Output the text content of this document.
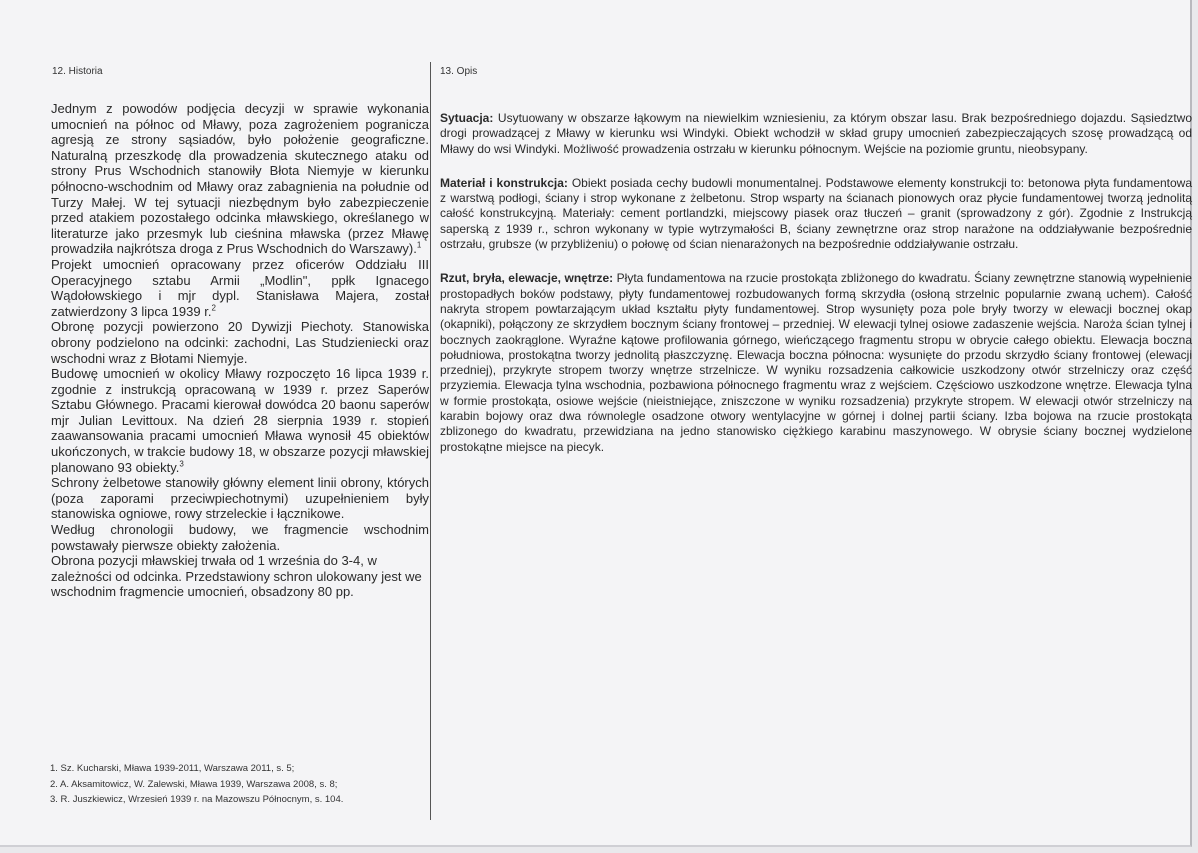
12. Historia	13. Opis

Jednym z powodów podjęcia decyzji w sprawie wykonania umocnień na północ od Mławy, poza zagrożeniem pogranicza agresją ze strony sąsiadów, było położenie geograficzne. Naturalną przeszkodę dla prowadzenia skutecznego ataku od strony Prus Wschodnich stanowiły Błota Niemyje w kierunku północno-wschodnim od Mławy oraz zabagnienia na południe od Turzy Małej. W tej sytuacji niezbędnym było zabezpieczenie przed atakiem pozostałego odcinka mławskiego, określanego w literaturze jako przesmyk lub cieśnina mławska (przez Mławę prowadziła najkrótsza droga z Prus Wschodnich do Warszawy).$^1$

Projekt umocnień opracowany przez oficerów Oddziału III Operacyjnego sztabu Armii „Modlin", ppłk Ignacego Wądołowskiego i mjr dypl. Stanisława Majera, został zatwierdzony 3 lipca 1939 r.$^2$

Obronę pozycji powierzono 20 Dywizji Piechoty. Stanowiska obrony podzielono na odcinki: zachodni, Las Studzieniecki oraz wschodni wraz z Błotami Niemyje.

Budowę umocnień w okolicy Mławy rozpoczęto 16 lipca 1939 r. zgodnie z instrukcją opracowaną w 1939 r. przez Saperów Sztabu Głównego. Pracami kierował dowódca 20 baonu saperów mjr Julian Levittoux. Na dzień 28 sierpnia 1939 r. stopień zaawansowania pracami umocnień Mława wynosił 45 obiektów ukończonych, w trakcie budowy 18, w obszarze pozycji mławskiej planowano 93 obiekty.$^3$

Schrony żelbetowe stanowiły główny element linii obrony, których (poza zaporami przeciwpiechotnymi) uzupełnieniem były stanowiska ogniowe, rowy strzeleckie i łącznikowe.

Według chronologii budowy, we fragmencie wschodnim powstawały pierwsze obiekty założenia.

Obrona pozycji mławskiej trwała od 1 września do 3-4, w zależności od odcinka. Przedstawiony schron ulokowany jest we wschodnim fragmencie umocnień, obsadzony 80 pp.

Sytuacja: Usytuowany w obszarze łąkowym na niewielkim wzniesieniu, za którym obszar lasu. Brak bezpośredniego dojazdu. Sąsiedztwo drogi prowadzącej z Mławy w kierunku wsi Windyki. Obiekt wchodził w skład grupy umocnień zabezpieczających szosę prowadzącą od Mławy do wsi Windyki. Możliwość prowadzenia ostrzału w kierunku północnym. Wejście na poziomie gruntu, nieobsypany.

Materiał i konstrukcja: Obiekt posiada cechy budowli monumentalnej. Podstawowe elementy konstrukcji to: betonowa płyta fundamentowa z warstwą podłogi, ściany i strop wykonane z żelbetonu. Strop wsparty na ścianach pionowych oraz płycie fundamentowej tworzą jednolitą całość konstrukcyjną. Materiały: cement portlandzki, miejscowy piasek oraz tłuczeń – granit (sprowadzony z gór). Zgodnie z Instrukcją saperską z 1939 r., schron wykonany w typie wytrzymałości B, ściany zewnętrzne oraz strop narażone na oddziaływanie bezpośrednie ostrzału, grubsze (w przybliżeniu) o połowę od ścian nienarażonych na bezpośrednie oddziaływanie ostrzału.

Rzut, bryła, elewacje, wnętrze: Płyta fundamentowa na rzucie prostokąta zbliżonego do kwadratu. Ściany zewnętrzne stanowią wypełnienie prostopadłych boków podstawy, płyty fundamentowej rozbudowanych formą skrzydła (osłoną strzelnic popularnie zwaną uchem). Całość nakryta stropem powtarzającym układ kształtu płyty fundamentowej. Strop wysunięty poza pole bryły tworzy w elewacji bocznej okap (okapniki), połączony ze skrzydłem bocznym ściany frontowej – przedniej. W elewacji tylnej osiowe zadaszenie wejścia. Naroża ścian tylnej i bocznych zaokrąglone. Wyraźne kątowe profilowania górnego, wieńczącego fragmentu stropu w obrycie całego obiektu. Elewacja boczna południowa, prostokątna tworzy jednolitą płaszczyznę. Elewacja boczna północna: wysunięte do przodu skrzydło ściany frontowej (elewacji przedniej), przykryte stropem tworzy wnętrze strzelnicze. W wyniku rozsadzenia całkowicie uszkodzony otwór strzelniczy oraz część przyziemia. Elewacja tylna wschodnia, pozbawiona północnego fragmentu wraz z wejściem. Częściowo uszkodzone wnętrze. Elewacja tylna w formie prostokąta, osiowe wejście (nieistniejące, zniszczone w wyniku rozsadzenia) przykryte stropem. W elewacji otwór strzelniczy na karabin bojowy oraz dwa równolegle osadzone otwory wentylacyjne w górnej i dolnej partii ściany. Izba bojowa na rzucie prostokąta zblizonego do kwadratu, przewidziana na jedno stanowisko ciężkiego karabinu maszynowego. W obrysie ściany bocznej wydzielone prostokątne miejsce na piecyk.

1. Sz. Kucharski, Mława 1939-2011, Warszawa 2011, s. 5;
2. A. Aksamitowicz, W. Zalewski, Mława 1939, Warszawa 2008, s. 8;
3. R. Juszkiewicz, Wrzesień 1939 r. na Mazowszu Północnym, s. 104.
